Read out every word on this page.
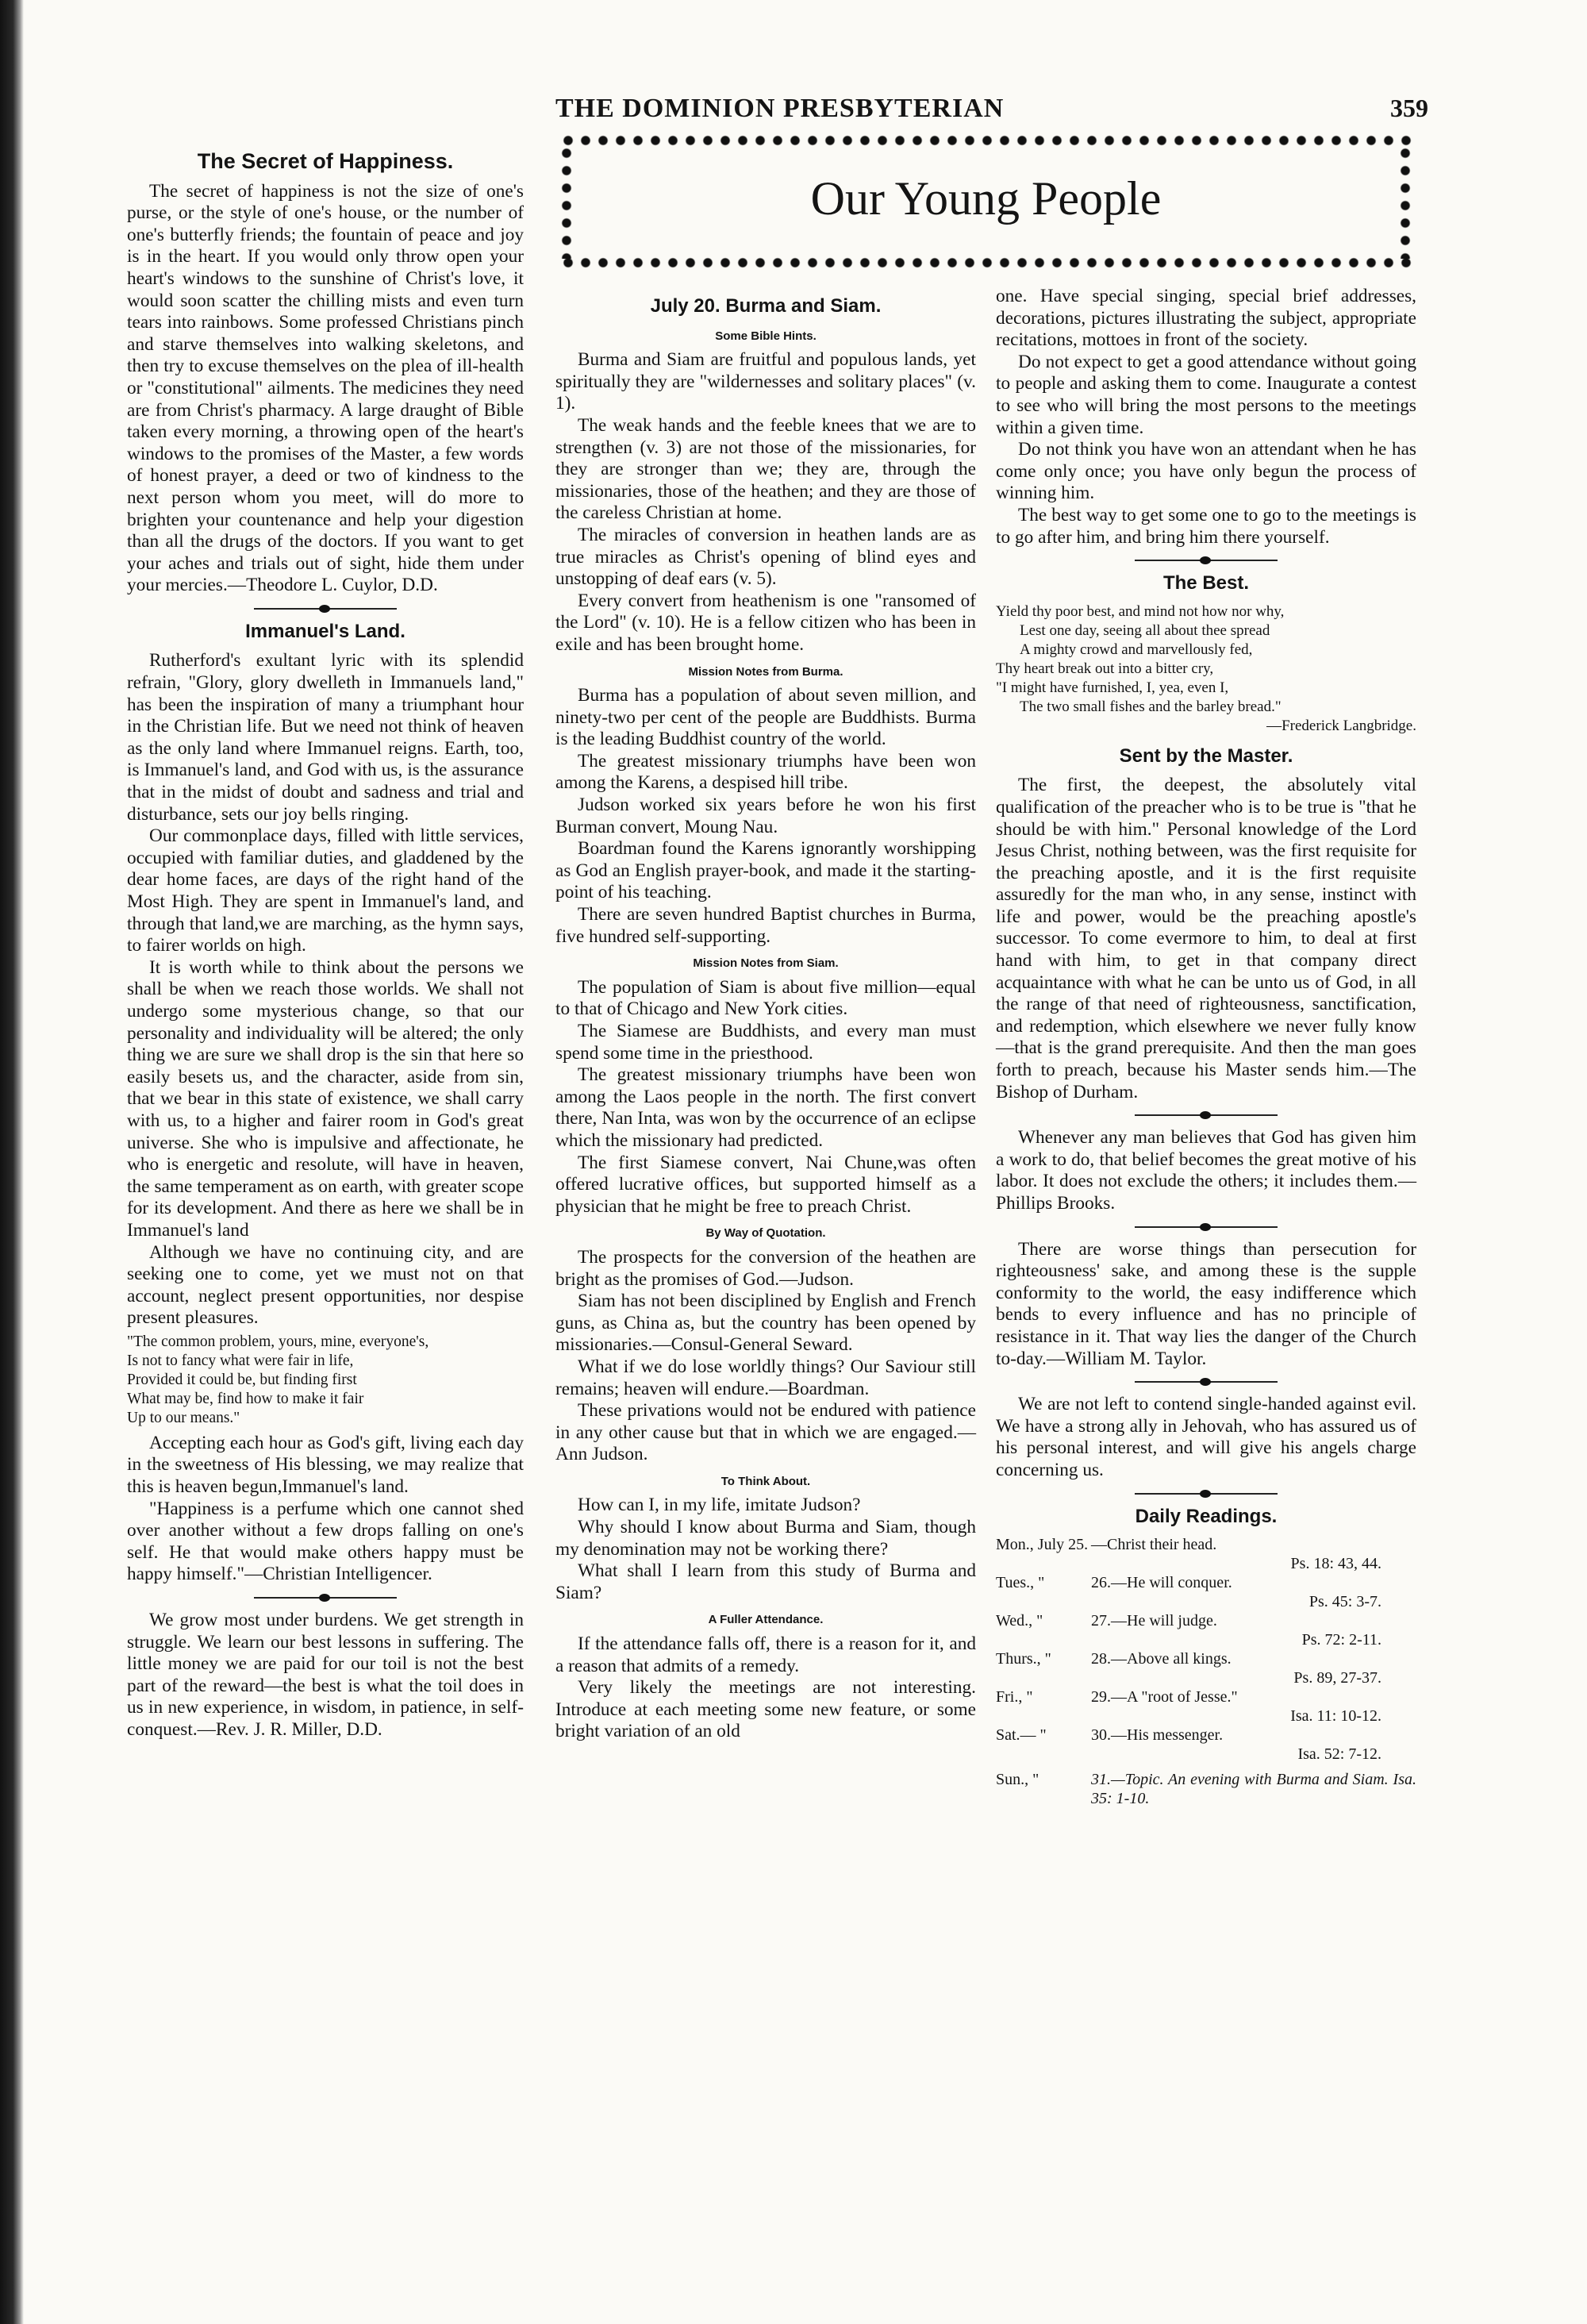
THE DOMINION PRESBYTERIAN	359
Our Young People
The Secret of Happiness.

The secret of happiness is not the size of one's purse, or the style of one's house, or the number of one's butterfly friends; the fountain of peace and joy is in the heart. If you would only throw open your heart's windows to the sunshine of Christ's love, it would soon scatter the chilling mists and even turn tears into rainbows. Some professed Christians pinch and starve themselves into walking skeletons, and then try to excuse themselves on the plea of ill-health or "constitutional" ailments. The medicines they need are from Christ's pharmacy. A large draught of Bible taken every morning, a throwing open of the heart's windows to the promises of the Master, a few words of honest prayer, a deed or two of kindness to the next person whom you meet, will do more to brighten your countenance and help your digestion than all the drugs of the doctors. If you want to get your aches and trials out of sight, hide them under your mercies.—Theodore L. Cuylor, D.D.

Immanuel's Land.

Rutherford's exultant lyric with its splendid refrain, "Glory, glory dwelleth in Immanuels land," has been the inspiration of many a triumphant hour in the Christian life. But we need not think of heaven as the only land where Immanuel reigns. Earth, too, is Immanuel's land, and God with us, is the assurance that in the midst of doubt and sadness and trial and disturbance, sets our joy bells ringing.

Our commonplace days, filled with little services, occupied with familiar duties, and gladdened by the dear home faces, are days of the right hand of the Most High. They are spent in Immanuel's land, and through that land,we are marching, as the hymn says, to fairer worlds on high.

It is worth while to think about the persons we shall be when we reach those worlds. We shall not undergo some mysterious change, so that our personality and individuality will be altered; the only thing we are sure we shall drop is the sin that here so easily besets us, and the character, aside from sin, that we bear in this state of existence, we shall carry with us, to a higher and fairer room in God's great universe. She who is impulsive and affectionate, he who is energetic and resolute, will have in heaven, the same temperament as on earth, with greater scope for its development. And there as here we shall be in Immanuel's land

Although we have no continuing city, and are seeking one to come, yet we must not on that account, neglect present opportunities, nor despise present pleasures.

"The common problem, yours, mine, everyone's,
Is not to fancy what were fair in life,
Provided it could be, but finding first
What may be, find how to make it fair
Up to our means."

Accepting each hour as God's gift, living each day in the sweetness of His blessing, we may realize that this is heaven begun,Immanuel's land.

"Happiness is a perfume which one cannot shed over another without a few drops falling on one's self. He that would make others happy must be happy himself."—Christian Intelligencer.

We grow most under burdens. We get strength in struggle. We learn our best lessons in suffering. The little money we are paid for our toil is not the best part of the reward—the best is what the toil does in us in new experience, in wisdom, in patience, in self-conquest.—Rev. J. R. Miller, D.D.

July 20. Burma and Siam.
Some Bible Hints.

Burma and Siam are fruitful and populous lands, yet spiritually they are "wildernesses and solitary places" (v. 1).

The weak hands and the feeble knees that we are to strengthen (v. 3) are not those of the missionaries, for they are stronger than we; they are, through the missionaries, those of the heathen; and they are those of the careless Christian at home.

The miracles of conversion in heathen lands are as true miracles as Christ's opening of blind eyes and unstopping of deaf ears (v. 5).

Every convert from heathenism is one "ransomed of the Lord" (v. 10). He is a fellow citizen who has been in exile and has been brought home.

Mission Notes from Burma.

Burma has a population of about seven million, and ninety-two per cent of the people are Buddhists. Burma is the leading Buddhist country of the world.

The greatest missionary triumphs have been won among the Karens, a despised hill tribe.

Judson worked six years before he won his first Burman convert, Moung Nau.

Boardman found the Karens ignorantly worshipping as God an English prayer-book, and made it the starting-point of his teaching.

There are seven hundred Baptist churches in Burma, five hundred self-supporting.

Mission Notes from Siam.

The population of Siam is about five million—equal to that of Chicago and New York cities.

The Siamese are Buddhists, and every man must spend some time in the priesthood.

The greatest missionary triumphs have been won among the Laos people in the north. The first convert there, Nan Inta, was won by the occurrence of an eclipse which the missionary had predicted.

The first Siamese convert, Nai Chune,was often offered lucrative offices, but supported himself as a physician that he might be free to preach Christ.

By Way of Quotation.

The prospects for the conversion of the heathen are bright as the promises of God.—Judson.

Siam has not been disciplined by English and French guns, as China as, but the country has been opened by missionaries.—Consul-General Seward.

What if we do lose worldly things? Our Saviour still remains; heaven will endure.—Boardman.

These privations would not be endured with patience in any other cause but that in which we are engaged.—Ann Judson.

To Think About.

How can I, in my life, imitate Judson?

Why should I know about Burma and Siam, though my denomination may not be working there?

What shall I learn from this study of Burma and Siam?

A Fuller Attendance.

If the attendance falls off, there is a reason for it, and a reason that admits of a remedy.

Very likely the meetings are not interesting. Introduce at each meeting some new feature, or some bright variation of an old

one. Have special singing, special brief addresses, decorations, pictures illustrating the subject, appropriate recitations, mottoes in front of the society.

Do not expect to get a good attendance without going to people and asking them to come. Inaugurate a contest to see who will bring the most persons to the meetings within a given time.

Do not think you have won an attendant when he has come only once; you have only begun the process of winning him.

The best way to get some one to go to the meetings is to go after him, and bring him there yourself.

The Best.
Yield thy poor best, and mind not how nor why,
Lest one day, seeing all about thee spread
A mighty crowd and marvellously fed,
Thy heart break out into a bitter cry,
"I might have furnished, I, yea, even I,
The two small fishes and the barley bread."
—Frederick Langbridge.
Sent by the Master.

The first, the deepest, the absolutely vital qualification of the preacher who is to be true is "that he should be with him." Personal knowledge of the Lord Jesus Christ, nothing between, was the first requisite for the preaching apostle, and it is the first requisite assuredly for the man who, in any sense, instinct with life and power, would be the preaching apostle's successor. To come evermore to him, to deal at first hand with him, to get in that company direct acquaintance with what he can be unto us of God, in all the range of that need of righteousness, sanctification, and redemption, which elsewhere we never fully know—that is the grand prerequisite. And then the man goes forth to preach, because his Master sends him.—The Bishop of Durham.

Whenever any man believes that God has given him a work to do, that belief becomes the great motive of his labor. It does not exclude the others; it includes them.—Phillips Brooks.

There are worse things than persecution for righteousness' sake, and among these is the supple conformity to the world, the easy indifference which bends to every influence and has no principle of resistance in it. That way lies the danger of the Church to-day.—William M. Taylor.

We are not left to contend single-handed against evil. We have a strong ally in Jehovah, who has assured us of his personal interest, and will give his angels charge concerning us.

Daily Readings.
Mon., July 25. —Christ their head.
Ps. 18: 43, 44.
Tues., "	26.—He will conquer.
Ps. 45: 3-7.
Wed., "	27.—He will judge.
Ps. 72: 2-11.
Thurs., "	28.—Above all kings.
Ps. 89, 27-37.
Fri., "	29.—A "root of Jesse."
Isa. 11: 10-12.
Sat.— "	30.—His messenger.
Isa. 52: 7-12.
Sun., "	31.—Topic. An evening with Burma and Siam. Isa. 35: 1-10.
